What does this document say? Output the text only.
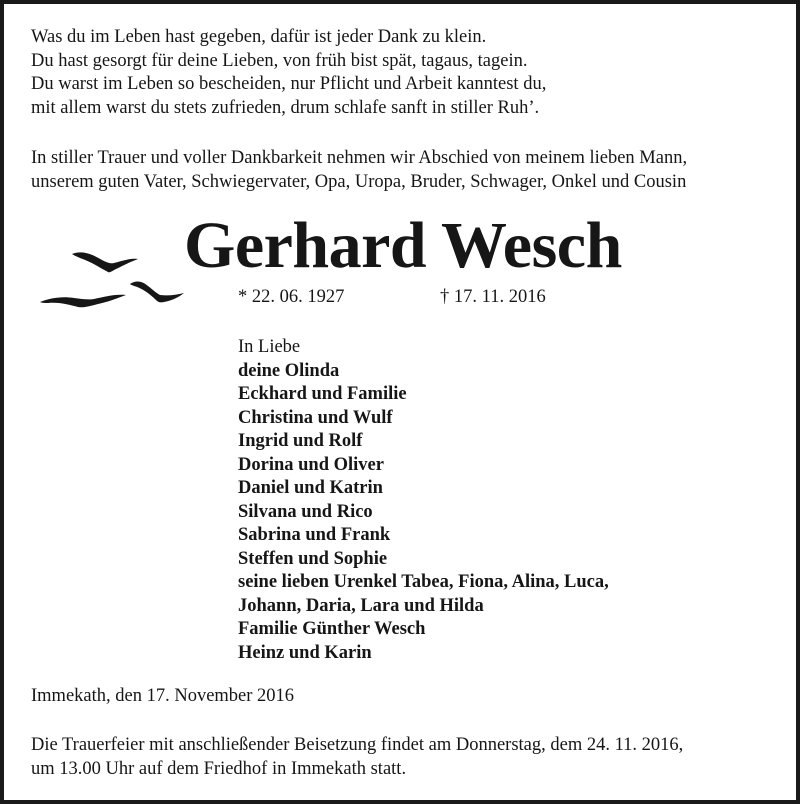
Was du im Leben hast gegeben, dafür ist jeder Dank zu klein.
Du hast gesorgt für deine Lieben, von früh bist spät, tagaus, tagein.
Du warst im Leben so bescheiden, nur Pflicht und Arbeit kanntest du,
mit allem warst du stets zufrieden, drum schlafe sanft in stiller Ruh’.
In stiller Trauer und voller Dankbarkeit nehmen wir Abschied von meinem lieben Mann,
unserem guten Vater, Schwiegervater, Opa, Uropa, Bruder, Schwager, Onkel und Cousin
Gerhard Wesch
* 22. 06. 1927	† 17. 11. 2016
In Liebe
deine Olinda
Eckhard und Familie
Christina und Wulf
Ingrid und Rolf
Dorina und Oliver
Daniel und Katrin
Silvana und Rico
Sabrina und Frank
Steffen und Sophie
seine lieben Urenkel Tabea, Fiona, Alina, Luca,
Johann, Daria, Lara und Hilda
Familie Günther Wesch
Heinz und Karin
Immekath, den 17. November 2016
Die Trauerfeier mit anschließender Beisetzung findet am Donnerstag, dem 24. 11. 2016,
um 13.00 Uhr auf dem Friedhof in Immekath statt.
